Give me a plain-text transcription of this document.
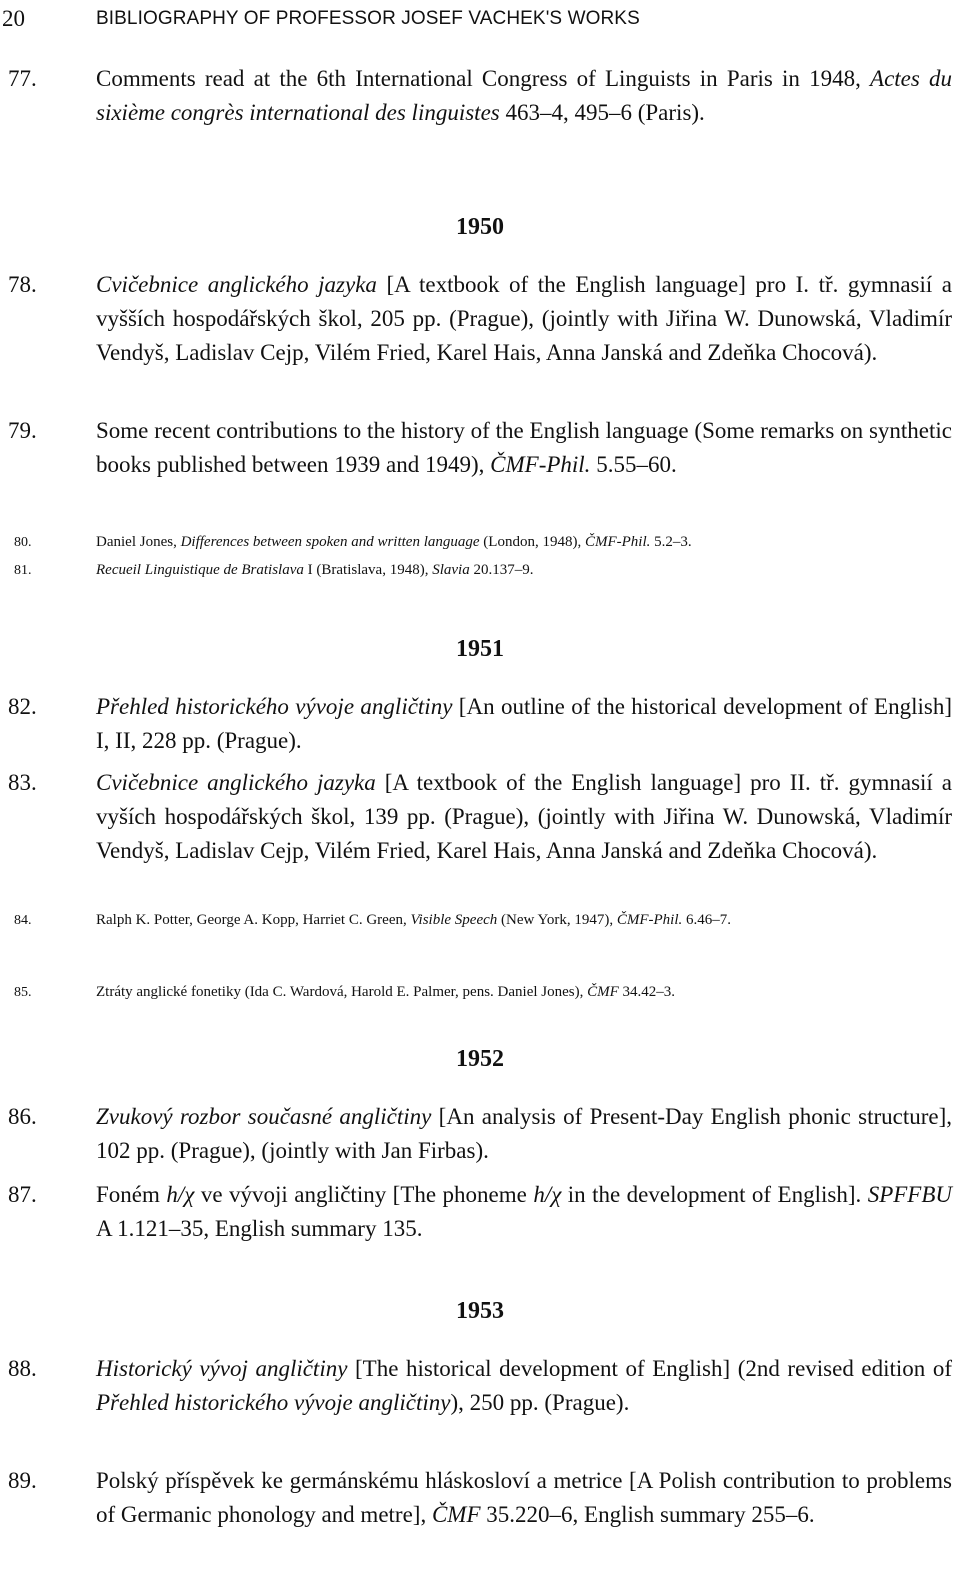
20	BIBLIOGRAPHY OF PROFESSOR JOSEF VACHEK'S WORKS
77.	Comments read at the 6th International Congress of Linguists in Paris in 1948, Actes du sixième congrès international des linguistes 463–4, 495–6 (Paris).
1950
78.	Cvičebnice anglického jazyka [A textbook of the English language] pro I. tř. gymnasií a vyšších hospodářských škol, 205 pp. (Prague), (jointly with Jiřina W. Dunowská, Vladimír Vendyš, Ladislav Cejp, Vilém Fried, Karel Hais, Anna Janská and Zdeňka Chocová).
79.	Some recent contributions to the history of the English language (Some remarks on synthetic books published between 1939 and 1949), ČMF-Phil. 5.55–60.
80.	Daniel Jones, Differences between spoken and written language (London, 1948), ČMF-Phil. 5.2–3.
81.	Recueil Linguistique de Bratislava I (Bratislava, 1948), Slavia 20.137–9.
1951
82.	Přehled historického vývoje angličtiny [An outline of the historical development of English] I, II, 228 pp. (Prague).
83.	Cvičebnice anglického jazyka [A textbook of the English language] pro II. tř. gymnasií a vyších hospodářských škol, 139 pp. (Prague), (jointly with Jiřina W. Dunowská, Vladimír Vendyš, Ladislav Cejp, Vilém Fried, Karel Hais, Anna Janská and Zdeňka Chocová).
84.	Ralph K. Potter, George A. Kopp, Harriet C. Green, Visible Speech (New York, 1947), ČMF-Phil. 6.46–7.
85.	Ztráty anglické fonetiky (Ida C. Wardová, Harold E. Palmer, pens. Daniel Jones), ČMF 34.42–3.
1952
86.	Zvukový rozbor současné angličtiny [An analysis of Present-Day English phonic structure], 102 pp. (Prague), (jointly with Jan Firbas).
87.	Foném h/χ ve vývoji angličtiny [The phoneme h/χ in the development of English]. SPFFBU A 1.121–35, English summary 135.
1953
88.	Historický vývoj angličtiny [The historical development of English] (2nd revised edition of Přehled historického vývoje angličtiny), 250 pp. (Prague).
89.	Polský příspěvek ke germánskému hláskosloví a metrice [A Polish contribution to problems of Germanic phonology and metre], ČMF 35.220–6, English summary 255–6.
